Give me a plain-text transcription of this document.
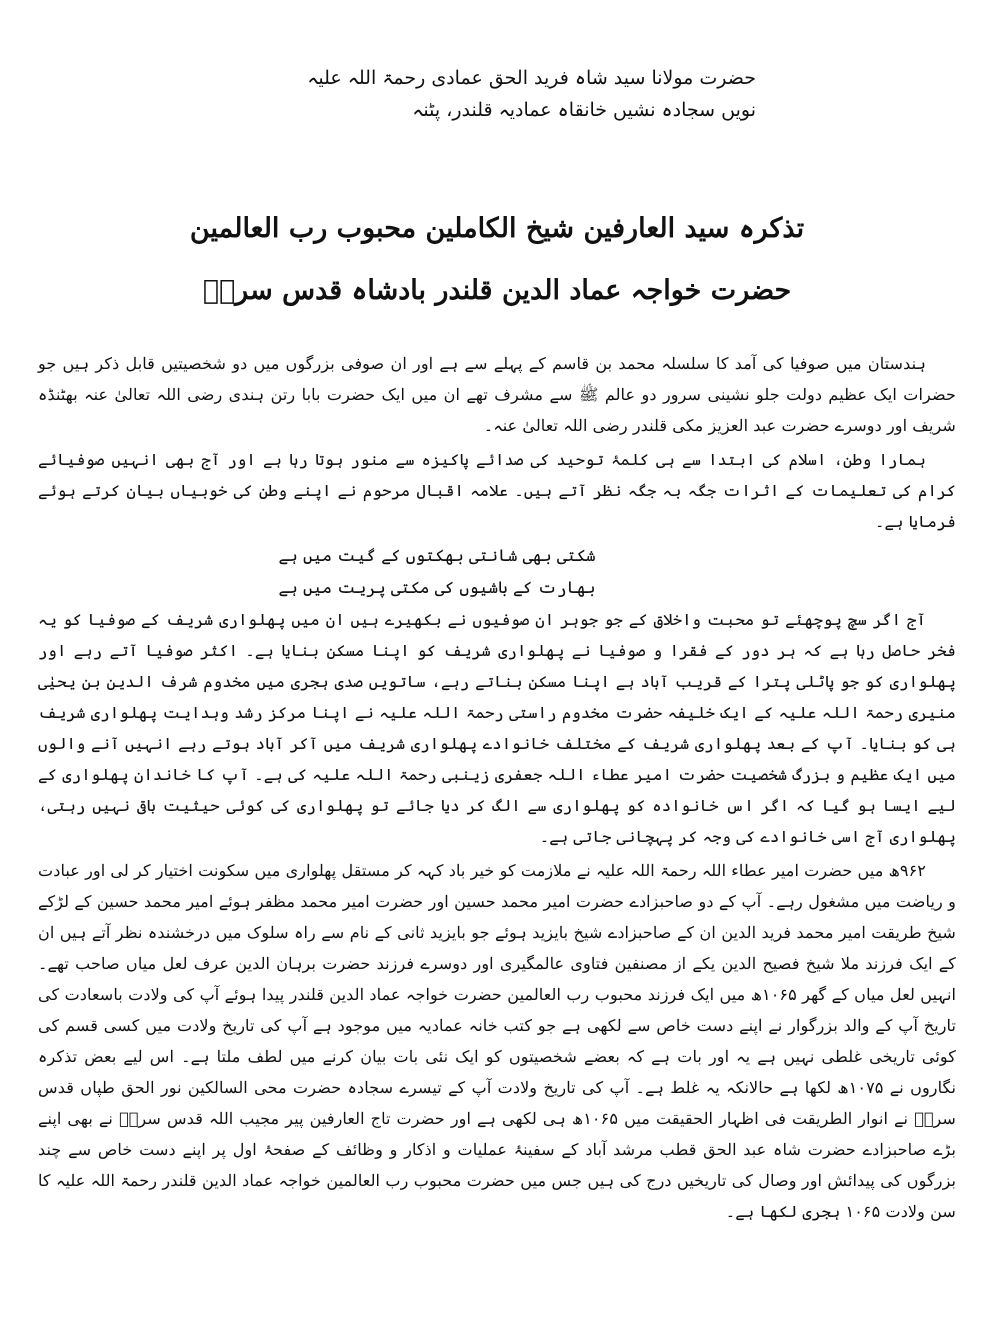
حضرت مولانا سید شاہ فرید الحق عمادی رحمۃ اللہ علیہ
نویں سجادہ نشیں خانقاہ عمادیہ قلندر، پٹنہ
تذکرہ سید العارفین شیخ الکاملین محبوب رب العالمین
حضرت خواجہ عماد الدین قلندر بادشاہ قدس سرہٗ

ہندستان میں صوفیا کی آمد کا سلسلہ محمد بن قاسم کے پہلے سے ہے اور ان صوفی بزرگوں میں دو شخصیتیں قابل ذکر ہیں جو حضرات ایک عظیم دولت جلو نشینی سرور دو عالم ﷺ سے مشرف تھے ان میں ایک حضرت بابا رتن ہندی رضی اللہ تعالیٰ عنہ بھٹنڈہ شریف اور دوسرے حضرت عبد العزیز مکی قلندر رضی اللہ تعالیٰ عنہ۔

ہمارا وطن، اسلام کی ابتدا سے ہی کلمۂ توحید کی صدائے پاکیزہ سے منور ہوتا رہا ہے اور آج بھی انہیں صوفیائے کرام کی تعلیمات کے اثرات جگہ بہ جگہ نظر آتے ہیں۔ علامہ اقبال مرحوم نے اپنے وطن کی خوبیاں بیان کرتے ہوئے فرمایا ہے۔

شکتی بھی شانتی بھکتوں کے گیت میں ہے
بھارت کے باشیوں کی مکتی پریت میں ہے

آج اگر سچ پوچھئے تو محبت واخلاق کے جو جوہر ان صوفیوں نے بکھیرے ہیں ان میں پھلواری شریف کے صوفیا کو یہ فخر حاصل رہا ہے کہ ہر دور کے فقرا و صوفیا نے پھلواری شریف کو اپنا مسکن بنایا ہے۔ اکثر صوفیا آتے رہے اور پھلواری کو جو پاٹلی پترا کے قریب آباد ہے اپنا مسکن بناتے رہے، ساتویں صدی ہجری میں مخدوم شرف الدین بن یحیٰی منیری رحمۃ اللہ علیہ کے ایک خلیفہ حضرت مخدوم راستی رحمۃ اللہ علیہ نے اپنا مرکز رشد وہدایت پھلواری شریف ہی کو بنایا۔ آپ کے بعد پھلواری شریف کے مختلف خانوادے پھلواری شریف میں آکر آباد ہوتے رہے انہیں آنے والوں میں ایک عظیم و بزرگ شخصیت حضرت امیر عطاء اللہ جعفری زینبی رحمۃ اللہ علیہ کی ہے۔ آپ کا خاندان پھلواری کے لیے ایسا ہو گیا کہ اگر اس خانوادہ کو پھلواری سے الگ کر دیا جائے تو پھلواری کی کوئی حیثیت باقی نہیں رہتی، پھلواری آج اسی خانوادے کی وجہ کر پہچانی جاتی ہے۔

۹۶۲ھ میں حضرت امیر عطاء اللہ رحمۃ اللہ علیہ نے ملازمت کو خیر باد کہہ کر مستقل پھلواری میں سکونت اختیار کر لی اور عبادت و ریاضت میں مشغول رہے۔ آپ کے دو صاحبزادے حضرت امیر محمد حسین اور حضرت امیر محمد مظفر ہوئے امیر محمد حسین کے لڑکے شیخ طریقت امیر محمد فرید الدین ان کے صاحبزادے شیخ بایزید ہوئے جو بایزید ثانی کے نام سے راہ سلوک میں درخشندہ نظر آتے ہیں ان کے ایک فرزند ملا شیخ فصیح الدین یکے از مصنفین فتاوی عالمگیری اور دوسرے فرزند حضرت برہان الدین عرف لعل میاں صاحب تھے۔ انہیں لعل میاں کے گھر ۱۰۶۵ھ میں ایک فرزند محبوب رب العالمین حضرت خواجہ عماد الدین قلندر پیدا ہوئے آپ کی ولادت باسعادت کی تاریخ آپ کے والد بزرگوار نے اپنے دست خاص سے لکھی ہے جو کتب خانہ عمادیہ میں موجود ہے آپ کی تاریخ ولادت میں کسی قسم کی کوئی تاریخی غلطی نہیں ہے یہ اور بات ہے کہ بعضے شخصیتوں کو ایک نئی بات بیان کرنے میں لطف ملتا ہے۔ اس لیے بعض تذکرہ نگاروں نے ۱۰۷۵ھ لکھا ہے حالانکہ یہ غلط ہے۔ آپ کی تاریخ ولادت آپ کے تیسرے سجادہ حضرت محی السالکین نور الحق طپاں قدس سرہٗ نے انوار الطریقت فی اظہار الحقیقت میں ۱۰۶۵ھ ہی لکھی ہے اور حضرت تاج العارفین پیر مجیب اللہ قدس سرہٗ نے بھی اپنے بڑے صاحبزادے حضرت شاہ عبد الحق قطب مرشد آباد کے سفینۂ عملیات و اذکار و وظائف کے صفحۂ اول پر اپنے دست خاص سے چند بزرگوں کی پیدائش اور وصال کی تاریخیں درج کی ہیں جس میں حضرت محبوب رب العالمین خواجہ عماد الدین قلندر رحمۃ اللہ علیہ کا سن ولادت ۱۰۶۵ ہجری لکھا ہے۔
